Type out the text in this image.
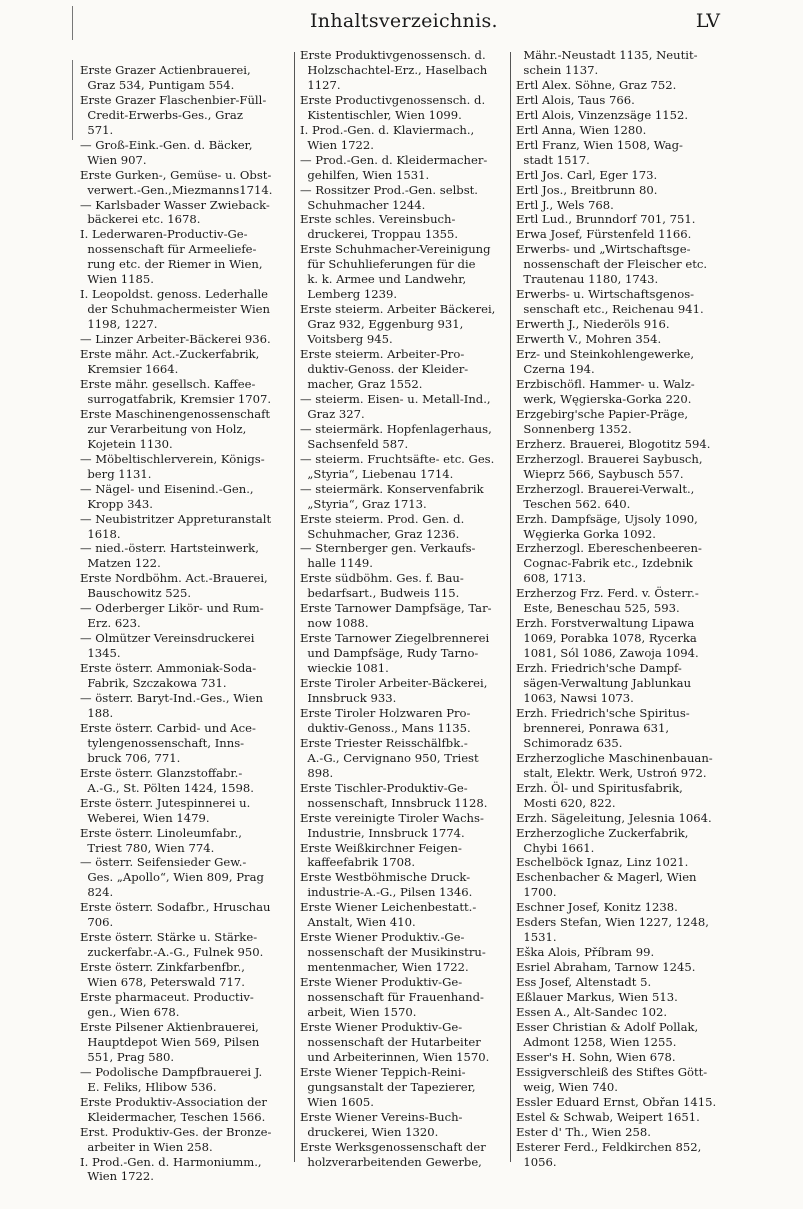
Inhaltsverzeichnis.	LV

Erste Grazer Actienbrauerei,
Graz 534, Puntigam 554.
Erste Grazer Flaschenbier-Füll-
Credit-Erwerbs-Ges., Graz
571.
— Groß-Eink.-Gen. d. Bäcker,
Wien 907.
Erste Gurken-, Gemüse- u. Obst-
verwert.-Gen.,Miezmanns1714.
— Karlsbader Wasser Zwieback-
bäckerei etc. 1678.
I. Lederwaren-Productiv-Ge-
nossenschaft für Armeeliefe-
rung etc. der Riemer in Wien,
Wien 1185.
I. Leopoldst. genoss. Lederhalle
der Schuhmachermeister Wien
1198, 1227.
— Linzer Arbeiter-Bäckerei 936.
Erste mähr. Act.-Zuckerfabrik,
Kremsier 1664.
Erste mähr. gesellsch. Kaffee-
surrogatfabrik, Kremsier 1707.
Erste Maschinengenossenschaft
zur Verarbeitung von Holz,
Kojetein 1130.
— Möbeltischlerverein, Königs-
berg 1131.
— Nägel- und Eisenind.-Gen.,
Kropp 343.
— Neubistritzer Appreturanstalt
1618.
— nied.-österr. Hartsteinwerk,
Matzen 122.
Erste Nordböhm. Act.-Brauerei,
Bauschowitz 525.
— Oderberger Likör- und Rum-
Erz. 623.
— Olmützer Vereinsdruckerei
1345.
Erste österr. Ammoniak-Soda-
Fabrik, Szczakowa 731.
— österr. Baryt-Ind.-Ges., Wien
188.
Erste österr. Carbid- und Ace-
tylengenossenschaft, Inns-
bruck 706, 771.
Erste österr. Glanzstoffabr.-
A.-G., St. Pölten 1424, 1598.
Erste österr. Jutespinnerei u.
Weberei, Wien 1479.
Erste österr. Linoleumfabr.,
Triest 780, Wien 774.
— österr. Seifensieder Gew.-
Ges. „Apollo“, Wien 809, Prag
824.
Erste österr. Sodafbr., Hruschau
706.
Erste österr. Stärke u. Stärke-
zuckerfabr.-A.-G., Fulnek 950.
Erste österr. Zinkfarbenfbr.,
Wien 678, Peterswald 717.
Erste pharmaceut. Productiv-
gen., Wien 678.
Erste Pilsener Aktienbrauerei,
Hauptdepot Wien 569, Pilsen
551, Prag 580.
— Podolische Dampfbrauerei J.
E. Feliks, Hlibow 536.
Erste Produktiv-Association der
Kleidermacher, Teschen 1566.
Erst. Produktiv-Ges. der Bronze-
arbeiter in Wien 258.
I. Prod.-Gen. d. Harmoniumm.,
Wien 1722.
Erste Produktivgenossensch. d.
Holzschachtel-Erz., Haselbach
1127.
Erste Productivgenossensch. d.
Kistentischler, Wien 1099.
I. Prod.-Gen. d. Klaviermach.,
Wien 1722.
— Prod.-Gen. d. Kleidermacher-
gehilfen, Wien 1531.
— Rossitzer Prod.-Gen. selbst.
Schuhmacher 1244.
Erste schles. Vereinsbuch-
druckerei, Troppau 1355.
Erste Schuhmacher-Vereinigung
für Schuhlieferungen für die
k. k. Armee und Landwehr,
Lemberg 1239.
Erste steierm. Arbeiter Bäckerei,
Graz 932, Eggenburg 931,
Voitsberg 945.
Erste steierm. Arbeiter-Pro-
duktiv-Genoss. der Kleider-
macher, Graz 1552.
— steierm. Eisen- u. Metall-Ind.,
Graz 327.
— steiermärk. Hopfenlagerhaus,
Sachsenfeld 587.
— steierm. Fruchtsäfte- etc. Ges.
„Styria“, Liebenau 1714.
— steiermärk. Konservenfabrik
„Styria“, Graz 1713.
Erste steierm. Prod. Gen. d.
Schuhmacher, Graz 1236.
— Sternberger gen. Verkaufs-
halle 1149.
Erste südböhm. Ges. f. Bau-
bedarfsart., Budweis 115.
Erste Tarnower Dampfsäge, Tar-
now 1088.
Erste Tarnower Ziegelbrennerei
und Dampfsäge, Rudy Tarno-
wieckie 1081.
Erste Tiroler Arbeiter-Bäckerei,
Innsbruck 933.
Erste Tiroler Holzwaren Pro-
duktiv-Genoss., Mans 1135.
Erste Triester Reisschälfbk.-
A.-G., Cervignano 950, Triest
898.
Erste Tischler-Produktiv-Ge-
nossenschaft, Innsbruck 1128.
Erste vereinigte Tiroler Wachs-
Industrie, Innsbruck 1774.
Erste Weißkirchner Feigen-
kaffeefabrik 1708.
Erste Westböhmische Druck-
industrie-A.-G., Pilsen 1346.
Erste Wiener Leichenbestatt.-
Anstalt, Wien 410.
Erste Wiener Produktiv.-Ge-
nossenschaft der Musikinstru-
mentenmacher, Wien 1722.
Erste Wiener Produktiv-Ge-
nossenschaft für Frauenhand-
arbeit, Wien 1570.
Erste Wiener Produktiv-Ge-
nossenschaft der Hutarbeiter
und Arbeiterinnen, Wien 1570.
Erste Wiener Teppich-Reini-
gungsanstalt der Tapezierer,
Wien 1605.
Erste Wiener Vereins-Buch-
druckerei, Wien 1320.
Erste Werksgenossenschaft der
holzverarbeitenden Gewerbe,
Mähr.-Neustadt 1135, Neutit-
schein 1137.
Ertl Alex. Söhne, Graz 752.
Ertl Alois, Taus 766.
Ertl Alois, Vinzenzsäge 1152.
Ertl Anna, Wien 1280.
Ertl Franz, Wien 1508, Wag-
stadt 1517.
Ertl Jos. Carl, Eger 173.
Ertl Jos., Breitbrunn 80.
Ertl J., Wels 768.
Ertl Lud., Brunndorf 701, 751.
Erwa Josef, Fürstenfeld 1166.
Erwerbs- und „Wirtschaftsge-
nossenschaft der Fleischer etc.
Trautenau 1180, 1743.
Erwerbs- u. Wirtschaftsgenos-
senschaft etc., Reichenau 941.
Erwerth J., Niederöls 916.
Erwerth V., Mohren 354.
Erz- und Steinkohlengewerke,
Czerna 194.
Erzbischöfl. Hammer- u. Walz-
werk, Węgierska-Gorka 220.
Erzgebirg'sche Papier-Präge,
Sonnenberg 1352.
Erzherz. Brauerei, Blogotitz 594.
Erzherzogl. Brauerei Saybusch,
Wieprz 566, Saybusch 557.
Erzherzogl. Brauerei-Verwalt.,
Teschen 562. 640.
Erzh. Dampfsäge, Ujsoly 1090,
Węgierka Gorka 1092.
Erzherzogl. Ebereschenbeeren-
Cognac-Fabrik etc., Izdebnik
608, 1713.
Erzherzog Frz. Ferd. v. Österr.-
Este, Beneschau 525, 593.
Erzh. Forstverwaltung Lipawa
1069, Porabka 1078, Rycerka
1081, Sól 1086, Zawoja 1094.
Erzh. Friedrich'sche Dampf-
sägen-Verwaltung Jablunkau
1063, Nawsi 1073.
Erzh. Friedrich'sche Spiritus-
brennerei, Ponrawa 631,
Schimoradz 635.
Erzherzogliche Maschinenbauan-
stalt, Elektr. Werk, Ustroń 972.
Erzh. Öl- und Spiritusfabrik,
Mosti 620, 822.
Erzh. Sägeleitung, Jelesnia 1064.
Erzherzogliche Zuckerfabrik,
Chybi 1661.
Eschelböck Ignaz, Linz 1021.
Eschenbacher & Magerl, Wien
1700.
Eschner Josef, Konitz 1238.
Esders Stefan, Wien 1227, 1248,
1531.
Eška Alois, Příbram 99.
Esriel Abraham, Tarnow 1245.
Ess Josef, Altenstadt 5.
Eßlauer Markus, Wien 513.
Essen A., Alt-Sandec 102.
Esser Christian & Adolf Pollak,
Admont 1258, Wien 1255.
Esser's H. Sohn, Wien 678.
Essigverschleiß des Stiftes Gött-
weig, Wien 740.
Essler Eduard Ernst, Obřan 1415.
Estel & Schwab, Weipert 1651.
Ester d' Th., Wien 258.
Esterer Ferd., Feldkirchen 852,
1056.
